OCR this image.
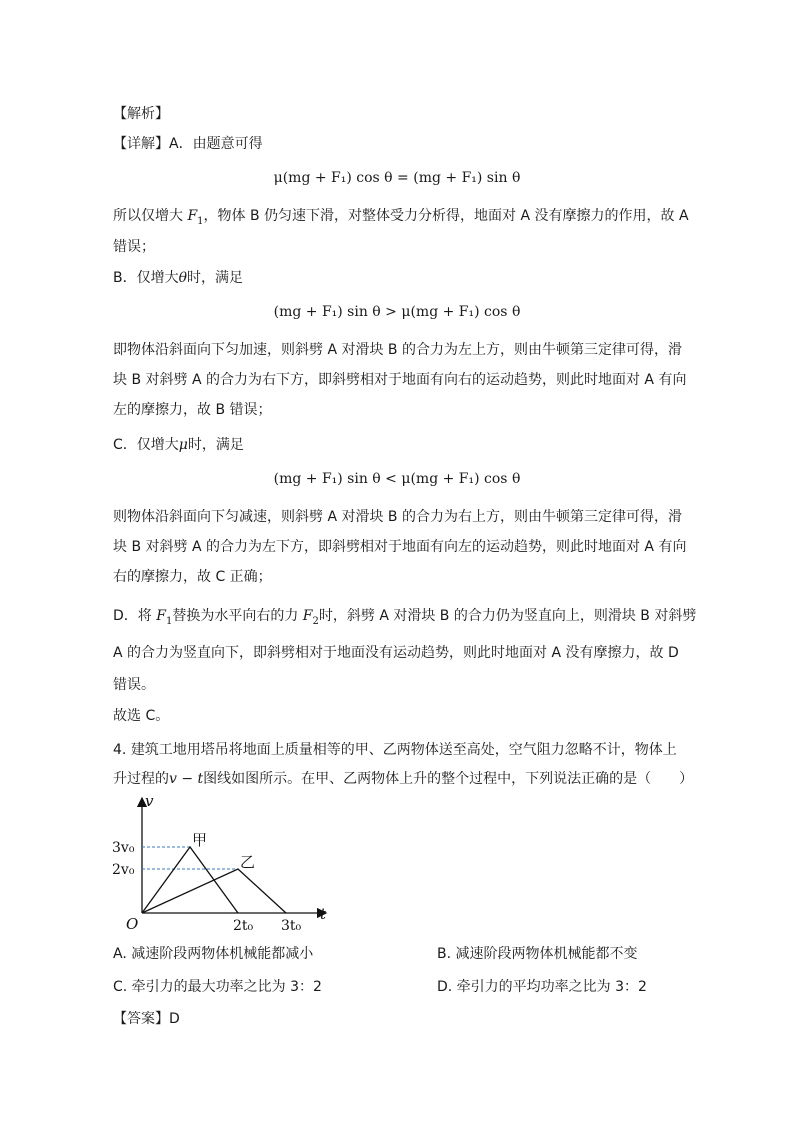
【解析】
【详解】A．由题意可得
μ(mg + F₁) cos θ = (mg + F₁) sin θ
所以仅增大 $F_1$，物体 B 仍匀速下滑，对整体受力分析得，地面对 A 没有摩擦力的作用，故 A
错误；
B．仅增大θ时，满足
(mg + F₁) sin θ > μ(mg + F₁) cos θ
即物体沿斜面向下匀加速，则斜劈 A 对滑块 B 的合力为左上方，则由牛顿第三定律可得，滑
块 B 对斜劈 A 的合力为右下方，即斜劈相对于地面有向右的运动趋势，则此时地面对 A 有向
左的摩擦力，故 B 错误；
C．仅增大μ时，满足
(mg + F₁) sin θ < μ(mg + F₁) cos θ
则物体沿斜面向下匀减速，则斜劈 A 对滑块 B 的合力为右上方，则由牛顿第三定律可得，滑
块 B 对斜劈 A 的合力为左下方，即斜劈相对于地面有向左的运动趋势，则此时地面对 A 有向
右的摩擦力，故 C 正确；
D．将 $F_1$替换为水平向右的力 $F_2$时，斜劈 A 对滑块 B 的合力仍为竖直向上，则滑块 B 对斜劈
A 的合力为竖直向下，即斜劈相对于地面没有运动趋势，则此时地面对 A 没有摩擦力，故 D
错误。
故选 C。
4. 建筑工地用塔吊将地面上质量相等的甲、乙两物体送至高处，空气阻力忽略不计，物体上
升过程的v − t图线如图所示。在甲、乙两物体上升的整个过程中，下列说法正确的是（　　）
v
t
O
3v₀
2v₀
2t₀ 3t₀
甲
乙
A. 减速阶段两物体机械能都减小	B. 减速阶段两物体机械能都不变
C. 牵引力的最大功率之比为 3：2	D. 牵引力的平均功率之比为 3：2
【答案】D
